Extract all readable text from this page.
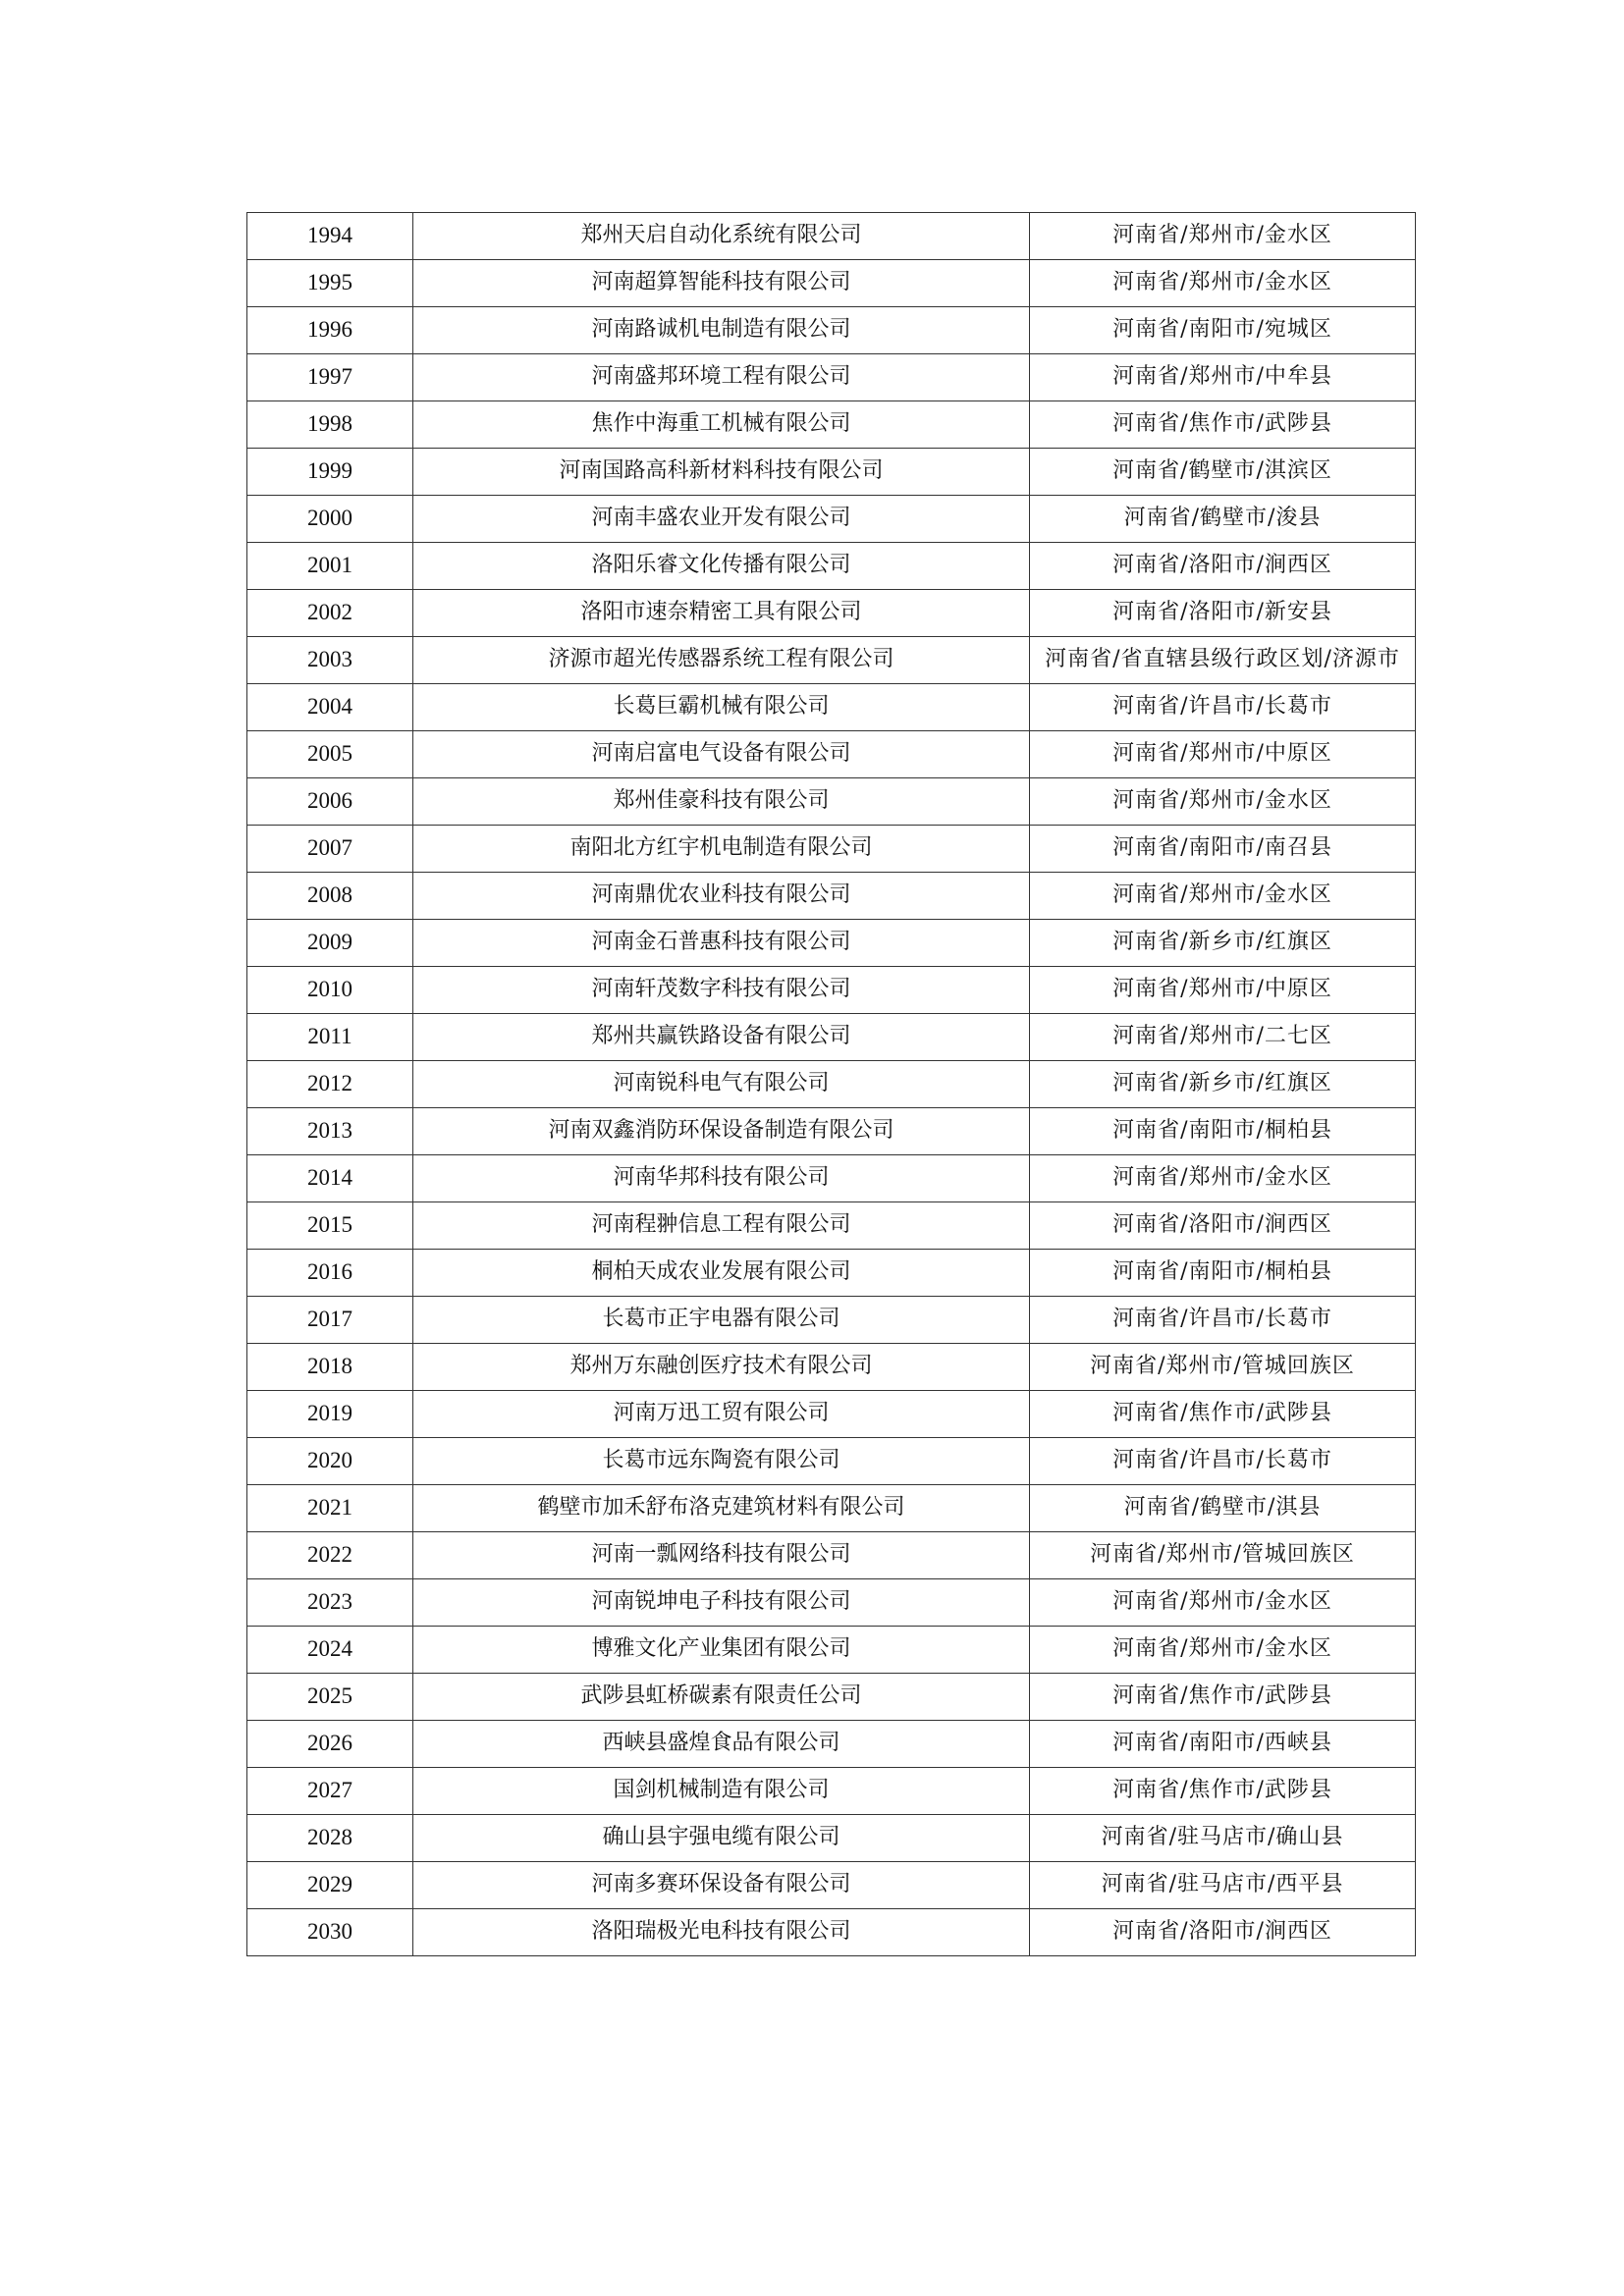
1994	郑州天启自动化系统有限公司	河南省/郑州市/金水区
1995	河南超算智能科技有限公司	河南省/郑州市/金水区
1996	河南路诚机电制造有限公司	河南省/南阳市/宛城区
1997	河南盛邦环境工程有限公司	河南省/郑州市/中牟县
1998	焦作中海重工机械有限公司	河南省/焦作市/武陟县
1999	河南国路高科新材料科技有限公司	河南省/鹤壁市/淇滨区
2000	河南丰盛农业开发有限公司	河南省/鹤壁市/浚县
2001	洛阳乐睿文化传播有限公司	河南省/洛阳市/涧西区
2002	洛阳市速奈精密工具有限公司	河南省/洛阳市/新安县
2003	济源市超光传感器系统工程有限公司	河南省/省直辖县级行政区划/济源市
2004	长葛巨霸机械有限公司	河南省/许昌市/长葛市
2005	河南启富电气设备有限公司	河南省/郑州市/中原区
2006	郑州佳豪科技有限公司	河南省/郑州市/金水区
2007	南阳北方红宇机电制造有限公司	河南省/南阳市/南召县
2008	河南鼎优农业科技有限公司	河南省/郑州市/金水区
2009	河南金石普惠科技有限公司	河南省/新乡市/红旗区
2010	河南轩茂数字科技有限公司	河南省/郑州市/中原区
2011	郑州共赢铁路设备有限公司	河南省/郑州市/二七区
2012	河南锐科电气有限公司	河南省/新乡市/红旗区
2013	河南双鑫消防环保设备制造有限公司	河南省/南阳市/桐柏县
2014	河南华邦科技有限公司	河南省/郑州市/金水区
2015	河南程翀信息工程有限公司	河南省/洛阳市/涧西区
2016	桐柏天成农业发展有限公司	河南省/南阳市/桐柏县
2017	长葛市正宇电器有限公司	河南省/许昌市/长葛市
2018	郑州万东融创医疗技术有限公司	河南省/郑州市/管城回族区
2019	河南万迅工贸有限公司	河南省/焦作市/武陟县
2020	长葛市远东陶瓷有限公司	河南省/许昌市/长葛市
2021	鹤壁市加禾舒布洛克建筑材料有限公司	河南省/鹤壁市/淇县
2022	河南一瓢网络科技有限公司	河南省/郑州市/管城回族区
2023	河南锐坤电子科技有限公司	河南省/郑州市/金水区
2024	博雅文化产业集团有限公司	河南省/郑州市/金水区
2025	武陟县虹桥碳素有限责任公司	河南省/焦作市/武陟县
2026	西峡县盛煌食品有限公司	河南省/南阳市/西峡县
2027	国剑机械制造有限公司	河南省/焦作市/武陟县
2028	确山县宇强电缆有限公司	河南省/驻马店市/确山县
2029	河南多赛环保设备有限公司	河南省/驻马店市/西平县
2030	洛阳瑞极光电科技有限公司	河南省/洛阳市/涧西区
